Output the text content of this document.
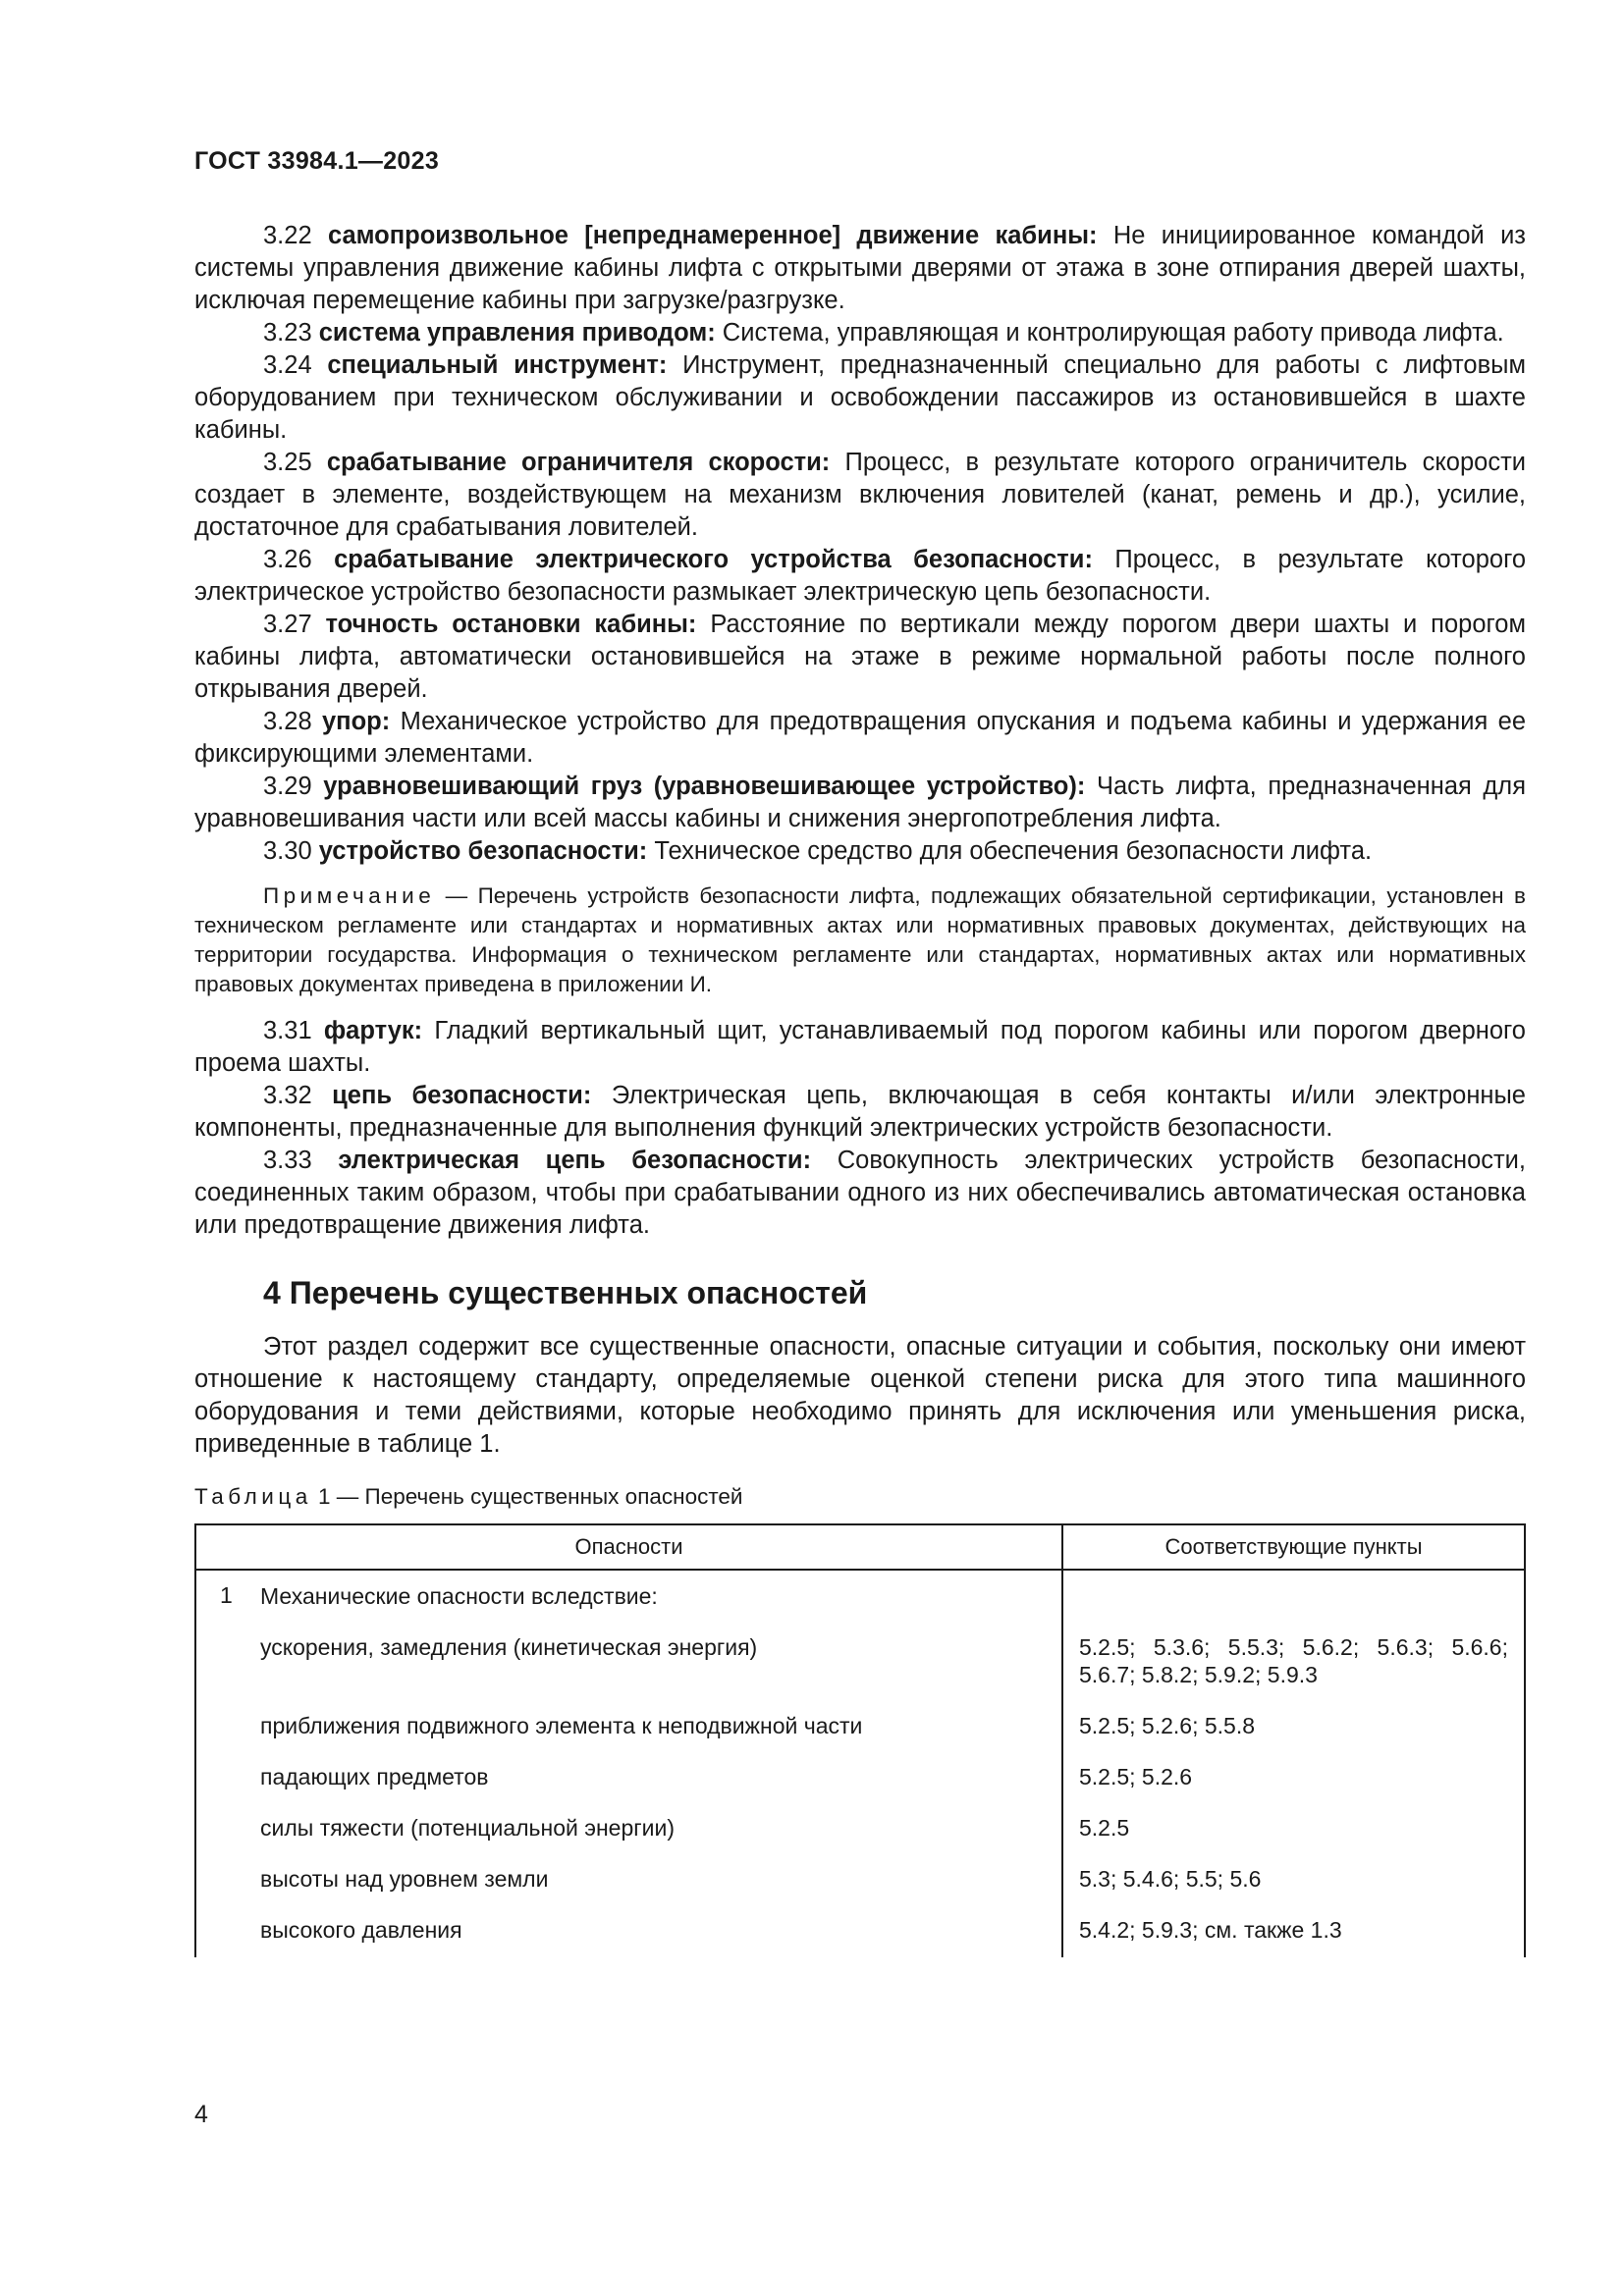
ГОСТ 33984.1—2023

3.22 самопроизвольное [непреднамеренное] движение кабины: Не инициированное командой из системы управления движение кабины лифта с открытыми дверями от этажа в зоне отпирания дверей шахты, исключая перемещение кабины при загрузке/разгрузке.

3.23 система управления приводом: Система, управляющая и контролирующая работу привода лифта.

3.24 специальный инструмент: Инструмент, предназначенный специально для работы с лифтовым оборудованием при техническом обслуживании и освобождении пассажиров из остановившейся в шахте кабины.

3.25 срабатывание ограничителя скорости: Процесс, в результате которого ограничитель скорости создает в элементе, воздействующем на механизм включения ловителей (канат, ремень и др.), усилие, достаточное для срабатывания ловителей.

3.26 срабатывание электрического устройства безопасности: Процесс, в результате которого электрическое устройство безопасности размыкает электрическую цепь безопасности.

3.27 точность остановки кабины: Расстояние по вертикали между порогом двери шахты и порогом кабины лифта, автоматически остановившейся на этаже в режиме нормальной работы после полного открывания дверей.

3.28 упор: Механическое устройство для предотвращения опускания и подъема кабины и удержания ее фиксирующими элементами.

3.29 уравновешивающий груз (уравновешивающее устройство): Часть лифта, предназначенная для уравновешивания части или всей массы кабины и снижения энергопотребления лифта.

3.30 устройство безопасности: Техническое средство для обеспечения безопасности лифта.

Примечание — Перечень устройств безопасности лифта, подлежащих обязательной сертификации, установлен в техническом регламенте или стандартах и нормативных актах или нормативных правовых документах, действующих на территории государства. Информация о техническом регламенте или стандартах, нормативных актах или нормативных правовых документах приведена в приложении И.

3.31 фартук: Гладкий вертикальный щит, устанавливаемый под порогом кабины или порогом дверного проема шахты.

3.32 цепь безопасности: Электрическая цепь, включающая в себя контакты и/или электронные компоненты, предназначенные для выполнения функций электрических устройств безопасности.

3.33 электрическая цепь безопасности: Совокупность электрических устройств безопасности, соединенных таким образом, чтобы при срабатывании одного из них обеспечивались автоматическая остановка или предотвращение движения лифта.

4 Перечень существенных опасностей

Этот раздел содержит все существенные опасности, опасные ситуации и события, поскольку они имеют отношение к настоящему стандарту, определяемые оценкой степени риска для этого типа машинного оборудования и теми действиями, которые необходимо принять для исключения или уменьшения риска, приведенные в таблице 1.

Таблица 1 — Перечень существенных опасностей
Опасности		Соответствующие пункты
1	Механические опасности вследствие:	
	ускорения, замедления (кинетическая энергия)	5.2.5; 5.3.6; 5.5.3; 5.6.2; 5.6.3; 5.6.6; 5.6.7; 5.8.2; 5.9.2; 5.9.3
	приближения подвижного элемента к неподвижной части	5.2.5; 5.2.6; 5.5.8
	падающих предметов	5.2.5; 5.2.6
	силы тяжести (потенциальной энергии)	5.2.5
	высоты над уровнем земли	5.3; 5.4.6; 5.5; 5.6
	высокого давления	5.4.2; 5.9.3; см. также 1.3
4
